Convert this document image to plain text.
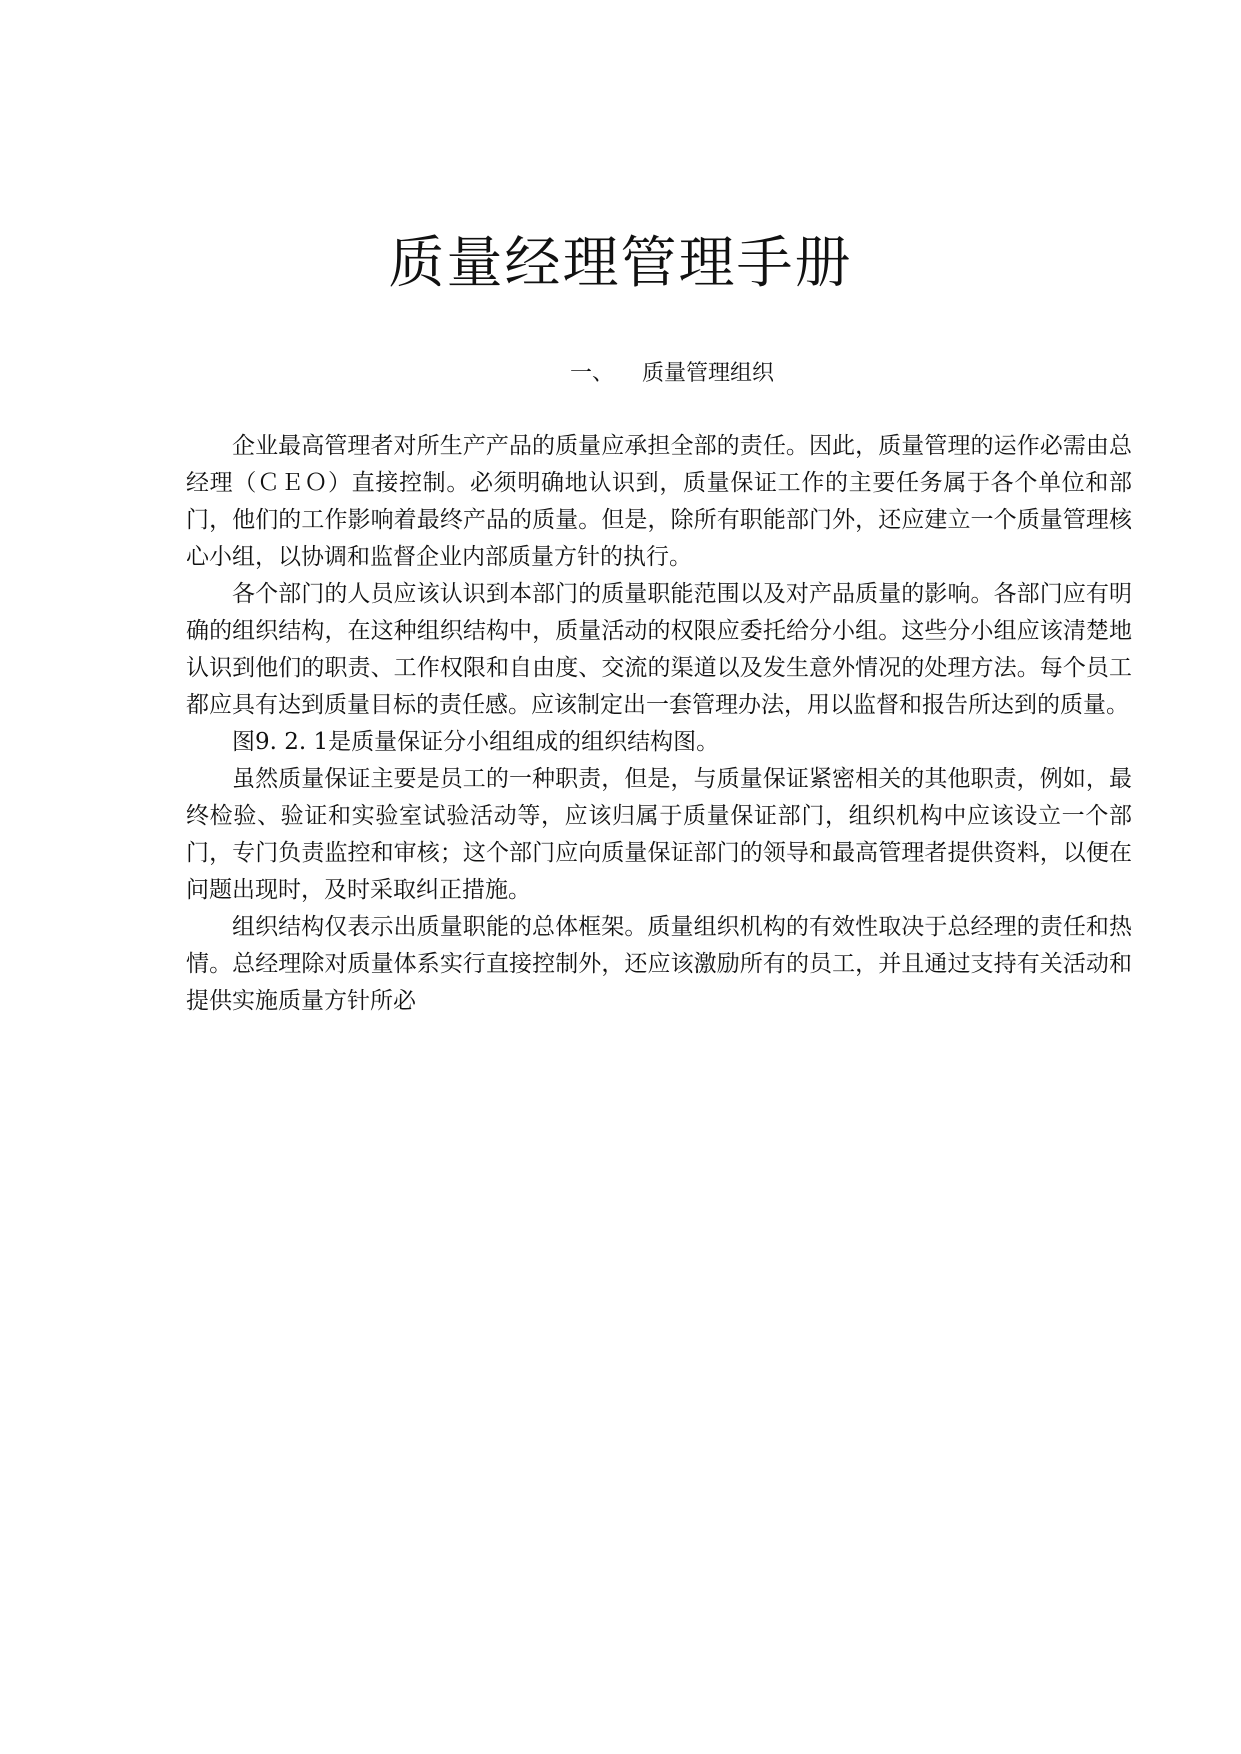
质量经理管理手册
一、 质量管理组织

企业最高管理者对所生产产品的质量应承担全部的责任。因此，质量管理的运作必需由总经理（ＣＥＯ）直接控制。必须明确地认识到，质量保证工作的主要任务属于各个单位和部门，他们的工作影响着最终产品的质量。但是，除所有职能部门外，还应建立一个质量管理核心小组，以协调和监督企业内部质量方针的执行。

各个部门的人员应该认识到本部门的质量职能范围以及对产品质量的影响。各部门应有明确的组织结构，在这种组织结构中，质量活动的权限应委托给分小组。这些分小组应该清楚地认识到他们的职责、工作权限和自由度、交流的渠道以及发生意外情况的处理方法。每个员工都应具有达到质量目标的责任感。应该制定出一套管理办法，用以监督和报告所达到的质量。

图9. 2. 1是质量保证分小组组成的组织结构图。

虽然质量保证主要是员工的一种职责，但是，与质量保证紧密相关的其他职责，例如，最终检验、验证和实验室试验活动等，应该归属于质量保证部门，组织机构中应该设立一个部门，专门负责监控和审核；这个部门应向质量保证部门的领导和最高管理者提供资料，以便在问题出现时，及时采取纠正措施。

组织结构仅表示出质量职能的总体框架。质量组织机构的有效性取决于总经理的责任和热情。总经理除对质量体系实行直接控制外，还应该激励所有的员工，并且通过支持有关活动和提供实施质量方针所必
